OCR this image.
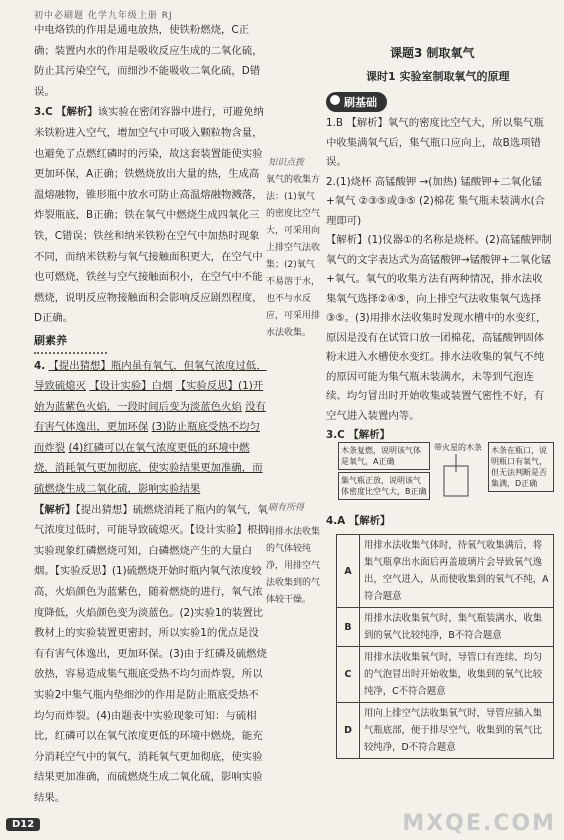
初中必刷题 化学九年级上册 RJ

中电烙铁的作用是通电放热，使铁粉燃烧，C正确；装置内水的作用是吸收反应生成的二氧化硫，防止其污染空气，而细沙不能吸收二氧化硫，D错误。

3.C 【解析】该实验在密闭容器中进行，可避免纳米铁粉进入空气，增加空气中可吸入颗粒物含量，也避免了点燃红磷时的污染，故这套装置能使实验更加环保，A正确；铁燃烧放出大量的热，生成高温熔融物，锥形瓶中放水可防止高温熔融物溅落，炸裂瓶底，B正确；铁在氧气中燃烧生成四氧化三铁，C错误；铁丝和纳米铁粉在空气中加热时现象不同，而纳米铁粉与氧气接触面积更大，在空气中也可燃烧，铁丝与空气接触面积小，在空气中不能燃烧，说明反应物接触面积会影响反应剧烈程度，D正确。

刷素养

4. 【提出猜想】瓶内虽有氧气，但氧气浓度过低，导致硫熄灭 【设计实验】白烟 【实验反思】(1)开始为蓝紫色火焰，一段时间后变为淡蓝色火焰 没有有害气体逸出，更加环保 (3)防止瓶底受热不均匀而炸裂 (4)红磷可以在氧气浓度更低的环境中燃烧，消耗氧气更加彻底，使实验结果更加准确，而硫燃烧生成二氧化硫，影响实验结果

【解析】【提出猜想】硫燃烧消耗了瓶内的氧气，氧气浓度过低时，可能导致硫熄灭。【设计实验】根据实验现象红磷燃烧可知，白磷燃烧产生的大量白烟。【实验反思】(1)硫燃烧开始时瓶内氧气浓度较高，火焰颜色为蓝紫色，随着燃烧的进行，氧气浓度降低，火焰颜色变为淡蓝色。(2)实验1的装置比教材上的实验装置更密封，所以实验1的优点是没有有害气体逸出，更加环保。(3)由于红磷及硫燃烧放热，容易造成集气瓶底受热不均匀而炸裂，所以实验2中集气瓶内垫细沙的作用是防止瓶底受热不均匀而炸裂。(4)由题表中实验现象可知：与硫相比，红磷可以在氧气浓度更低的环境中燃烧，能充分消耗空气中的氧气，消耗氧气更加彻底，使实验结果更加准确，而硫燃烧生成二氧化硫，影响实验结果。

课题3 制取氧气
课时1 实验室制取氧气的原理
刷基础
1.B 【解析】氧气的密度比空气大，所以集气瓶中收集满氧气后，集气瓶口应向上，故B选项错误。
2.(1)烧杯 高锰酸钾 →(加热) 锰酸钾+二氧化锰+氧气 ②③⑤或③⑤ (2)棉花 集气瓶未装满水(合理即可)
【解析】(1)仪器①的名称是烧杯。(2)高锰酸钾制氧气的文字表达式为高锰酸钾→锰酸钾+二氧化锰+氧气。氧气的收集方法有两种情况，排水法收集氧气选择②④⑤，向上排空气法收集氧气选择③⑤。(3)用排水法收集时发现水槽中的水变红，原因是没有在试管口放一团棉花，高锰酸钾固体粉末进入水槽使水变红。排水法收集的氧气不纯的原因可能为集气瓶未装满水，未等到气泡连续、均匀冒出时开始收集或装置气密性不好，有空气进入装置内等。
3.C 【解析】
知识点拨
氧气的收集方法：(1)氧气的密度比空气大，可采用向上排空气法收集；(2)氧气不易溶于水，也不与水反应，可采用排水法收集。
木条复燃，说明该气体是氧气，A正确
集气瓶正放，说明该气体密度比空气大，B正确
带火星的木条	木条在瓶口，说明瓶口有氧气，但无法判断是否集满，D正确
4.A 【解析】
刷有所得
用排水法收集的气体较纯净，用排空气法收集到的气体较干燥。
A	用排水法收集气体时，待氧气收集满后，将集气瓶拿出水面后再盖玻璃片会导致氧气逸出，空气进入，从而使收集到的氧气不纯，A符合题意
B	用排水法收集氧气时，集气瓶装满水，收集到的氧气比较纯净，B不符合题意
C	用排水法收集氧气时，导管口有连续、均匀的气泡冒出时开始收集，收集到的氧气比较纯净，C不符合题意
D	用向上排空气法收集氧气时，导管应插入集气瓶底部，便于排尽空气，收集到的氧气比较纯净，D不符合题意
D12	MXQE.COM
